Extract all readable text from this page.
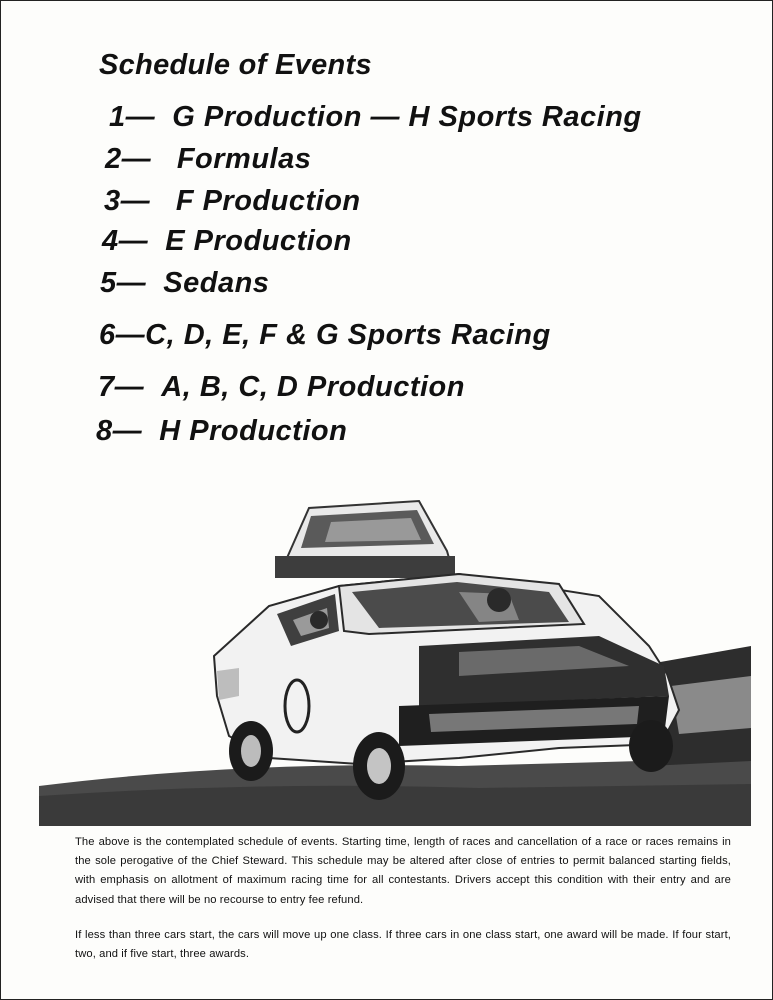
Schedule of Events
1— G Production — H Sports Racing
2— Formulas
3— F Production
4— E Production
5— Sedans
6—C, D, E, F & G Sports Racing
7— A, B, C, D Production
8— H Production

The above is the contemplated schedule of events. Starting time, length of races and cancellation of a race or races remains in the sole perogative of the Chief Steward. This schedule may be altered after close of entries to permit balanced starting fields, with emphasis on allotment of maximum racing time for all contestants. Drivers accept this condition with their entry and are advised that there will be no recourse to entry fee refund.

If less than three cars start, the cars will move up one class. If three cars in one class start, one award will be made. If four start, two, and if five start, three awards.
